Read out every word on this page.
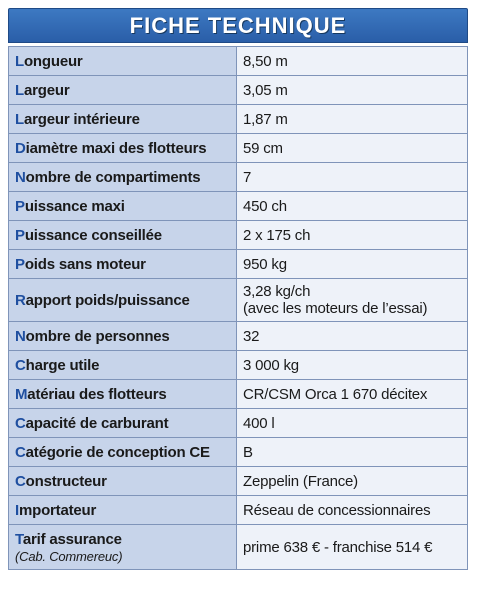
FICHE TECHNIQUE
Longueur	8,50 m
Largeur	3,05 m
Largeur intérieure	1,87 m
Diamètre maxi des flotteurs	59 cm
Nombre de compartiments	7
Puissance maxi	450 ch
Puissance conseillée	2 x 175 ch
Poids sans moteur	950 kg
Rapport poids/puissance	3,28 kg/ch
(avec les moteurs de l’essai)

Nombre de personnes	32
Charge utile	3 000 kg
Matériau des flotteurs	CR/CSM Orca 1 670 décitex
Capacité de carburant	400 l
Catégorie de conception CE	B
Constructeur	Zeppelin (France)
Importateur	Réseau de concessionnaires
Tarif assurance
(Cab. Commereuc)	prime 638 € - franchise 514 €
